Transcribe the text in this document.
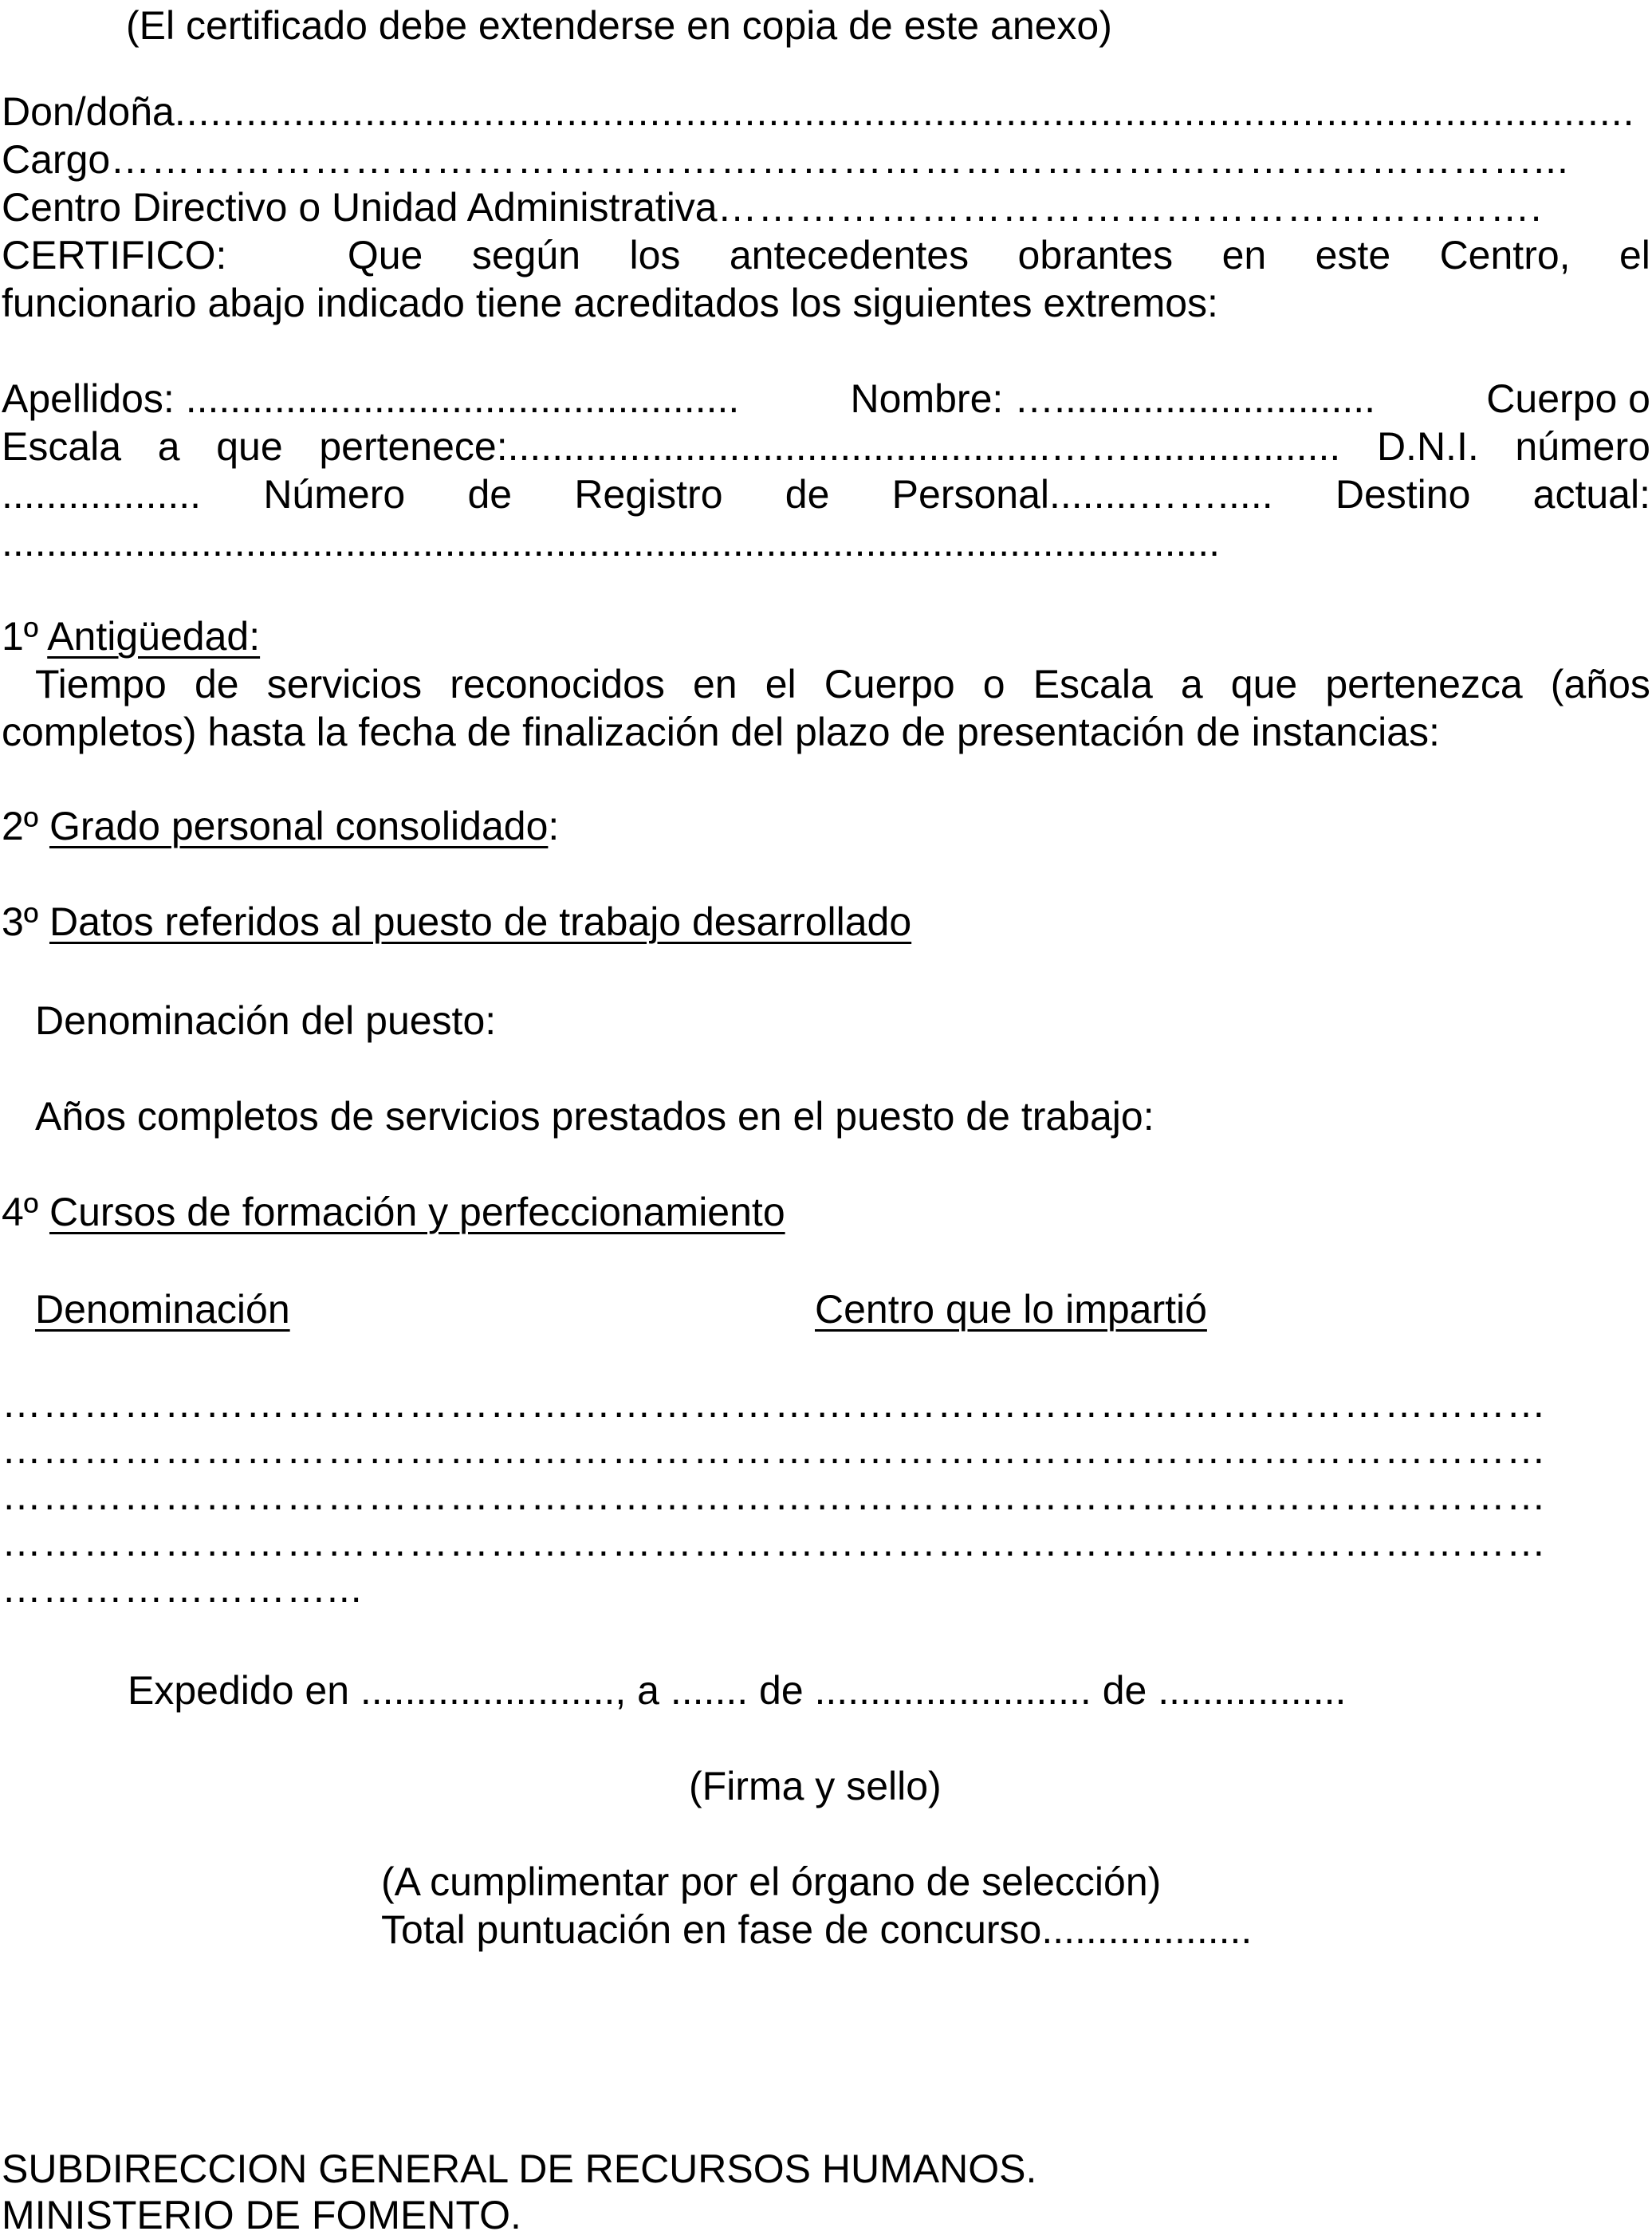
(El certificado debe extenderse en copia de este anexo)
Don/doña...........................................................................................................................
Cargo……………………………………………………………………………………………...
Centro Directivo o Unidad Administrativa…………………………………………………….
CERTIFICO:	Que según los antecedentes obrantes en este Centro, el
funcionario abajo indicado tiene acreditados los siguientes extremos:
Apellidos: ..................................................	Nombre: ….............................	Cuerpo o
Escala a que pertenece:.................................................……................... D.N.I. número
.................. Número de Registro de Personal........……..... Destino actual:
..............................................................................................................
1º Antigüedad:
Tiempo de servicios reconocidos en el Cuerpo o Escala a que pertenezca (años
completos) hasta la fecha de finalización del plazo de presentación de instancias:
2º Grado personal consolidado:
3º Datos referidos al puesto de trabajo desarrollado
Denominación del puesto:
Años completos de servicios prestados en el puesto de trabajo:
4º Cursos de formación y perfeccionamiento
Denominación	Centro que lo impartió
……………………………………………………………………………………………………
……………………………………………………………………………………………………
……………………………………………………………………………………………………
……………………………………………………………………………………………………
……………………...
Expedido en ......................., a ....... de ......................... de .................
(Firma y sello)
(A cumplimentar por el órgano de selección)
Total puntuación en fase de concurso...................
SUBDIRECCION GENERAL DE RECURSOS HUMANOS.
MINISTERIO DE FOMENTO.
